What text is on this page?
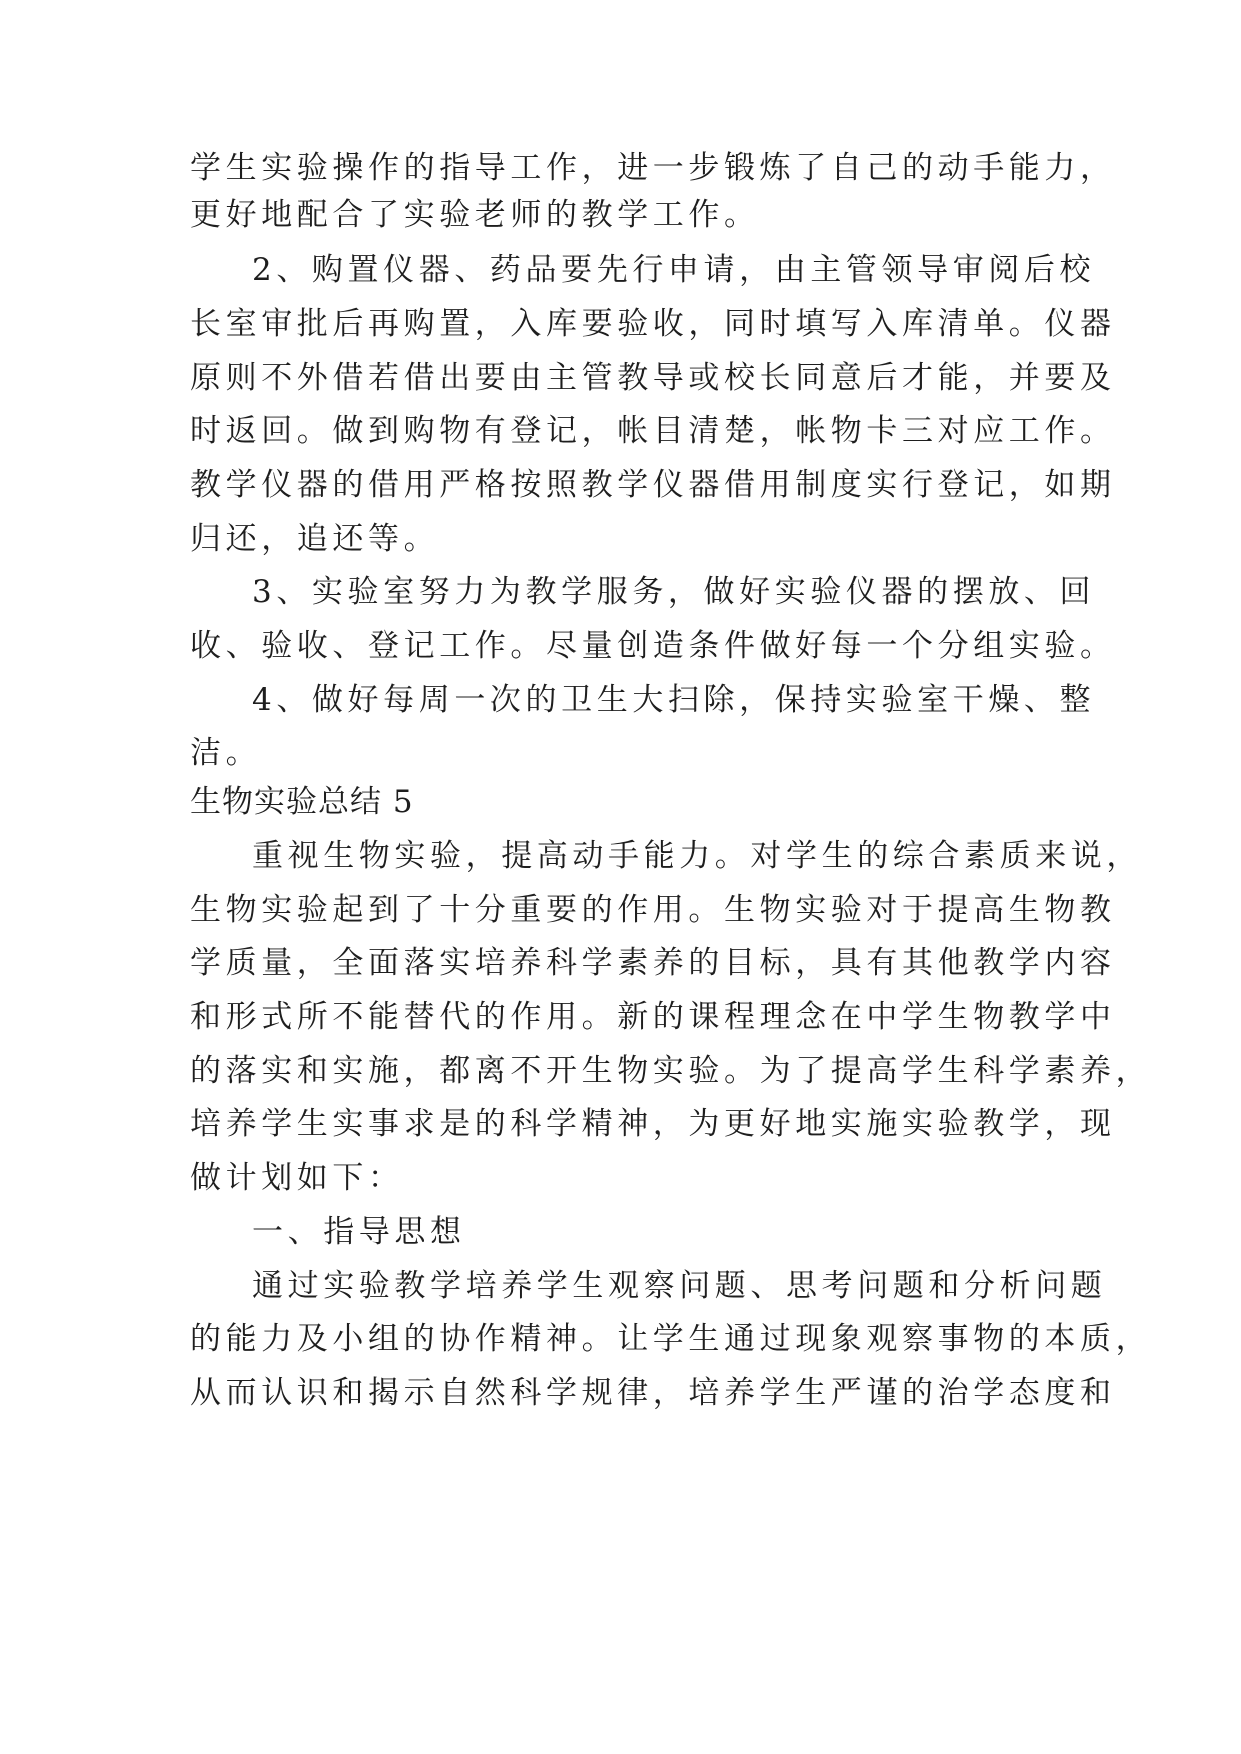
学生实验操作的指导工作，进一步锻炼了自己的动手能力，
更好地配合了实验老师的教学工作。
2、购置仪器、药品要先行申请，由主管领导审阅后校
长室审批后再购置，入库要验收，同时填写入库清单。仪器
原则不外借若借出要由主管教导或校长同意后才能，并要及
时返回。做到购物有登记，帐目清楚，帐物卡三对应工作。
教学仪器的借用严格按照教学仪器借用制度实行登记，如期
归还，追还等。
3、实验室努力为教学服务，做好实验仪器的摆放、回
收、验收、登记工作。尽量创造条件做好每一个分组实验。
4、做好每周一次的卫生大扫除，保持实验室干燥、整
洁。
生物实验总结 5
重视生物实验，提高动手能力。对学生的综合素质来说，
生物实验起到了十分重要的作用。生物实验对于提高生物教
学质量，全面落实培养科学素养的目标，具有其他教学内容
和形式所不能替代的作用。新的课程理念在中学生物教学中
的落实和实施，都离不开生物实验。为了提高学生科学素养，
培养学生实事求是的科学精神，为更好地实施实验教学，现
做计划如下：
一、指导思想
通过实验教学培养学生观察问题、思考问题和分析问题
的能力及小组的协作精神。让学生通过现象观察事物的本质，
从而认识和揭示自然科学规律，培养学生严谨的治学态度和
